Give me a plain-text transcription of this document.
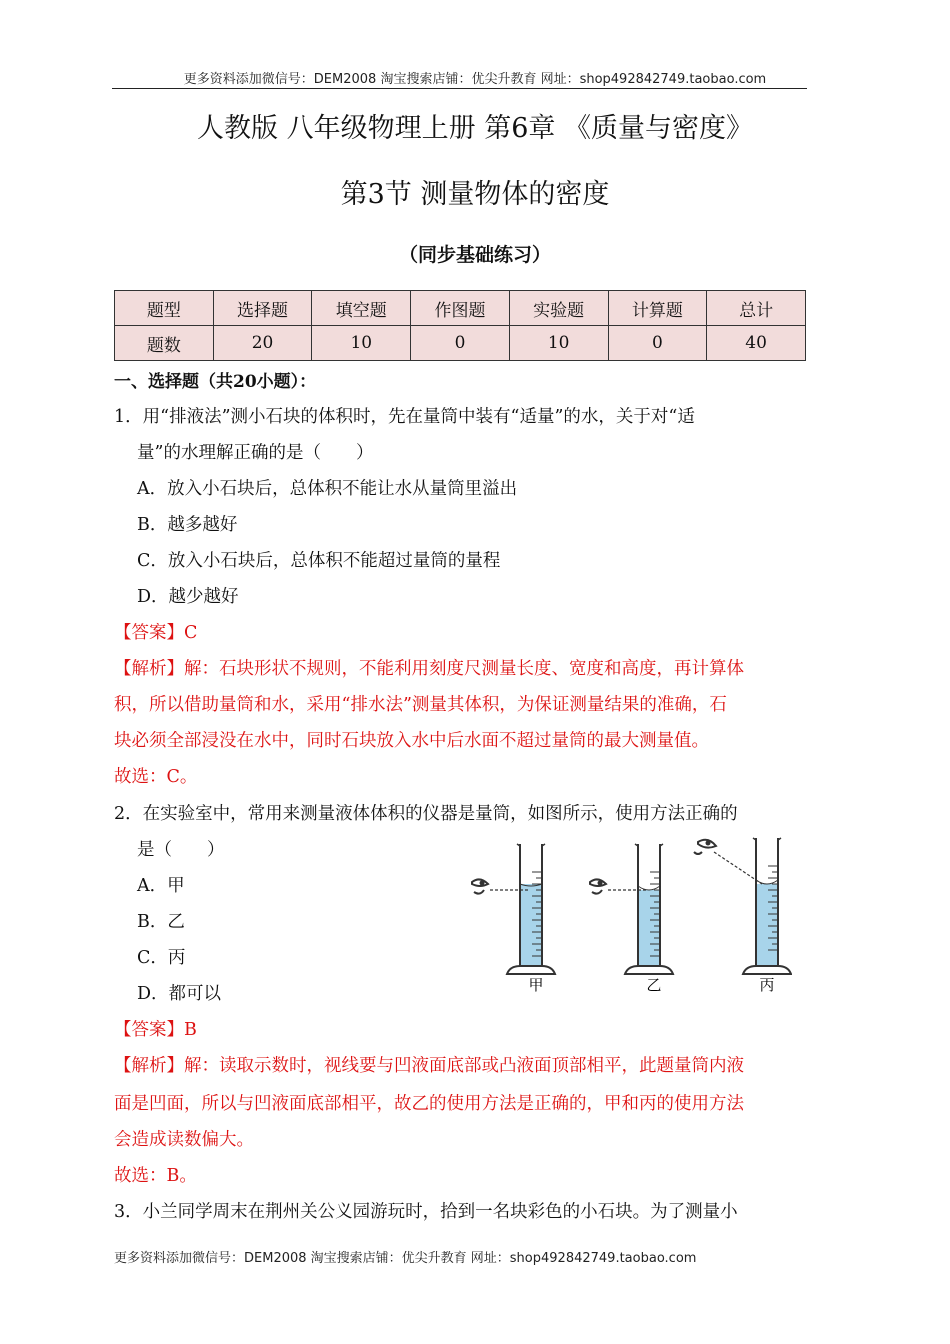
更多资料添加微信号：DEM2008 淘宝搜索店铺：优尖升教育 网址：shop492842749.taobao.com
人教版 八年级物理上册 第6章 《质量与密度》
第3节 测量物体的密度
（同步基础练习）
题型	选择题	填空题	作图题	实验题	计算题	总计
题数	20	10	0	10	0	40
一、选择题（共20小题）：
1．用“排液法”测小石块的体积时，先在量筒中装有“适量”的水，关于对“适
量”的水理解正确的是（　　）
A．放入小石块后，总体积不能让水从量筒里溢出
B．越多越好
C．放入小石块后，总体积不能超过量筒的量程
D．越少越好
【答案】C
【解析】解：石块形状不规则，不能利用刻度尺测量长度、宽度和高度，再计算体
积，所以借助量筒和水，采用“排水法”测量其体积，为保证测量结果的准确，石
块必须全部浸没在水中，同时石块放入水中后水面不超过量筒的最大测量值。
故选：C。
2．在实验室中，常用来测量液体体积的仪器是量筒，如图所示，使用方法正确的
是（　　）
A．甲
B．乙
C．丙
D．都可以	甲	乙	丙
【答案】B
【解析】解：读取示数时，视线要与凹液面底部或凸液面顶部相平，此题量筒内液
面是凹面，所以与凹液面底部相平，故乙的使用方法是正确的，甲和丙的使用方法
会造成读数偏大。
故选：B。
3．小兰同学周末在荆州关公义园游玩时，拾到一名块彩色的小石块。为了测量小
更多资料添加微信号：DEM2008 淘宝搜索店铺：优尖升教育 网址：shop492842749.taobao.com
